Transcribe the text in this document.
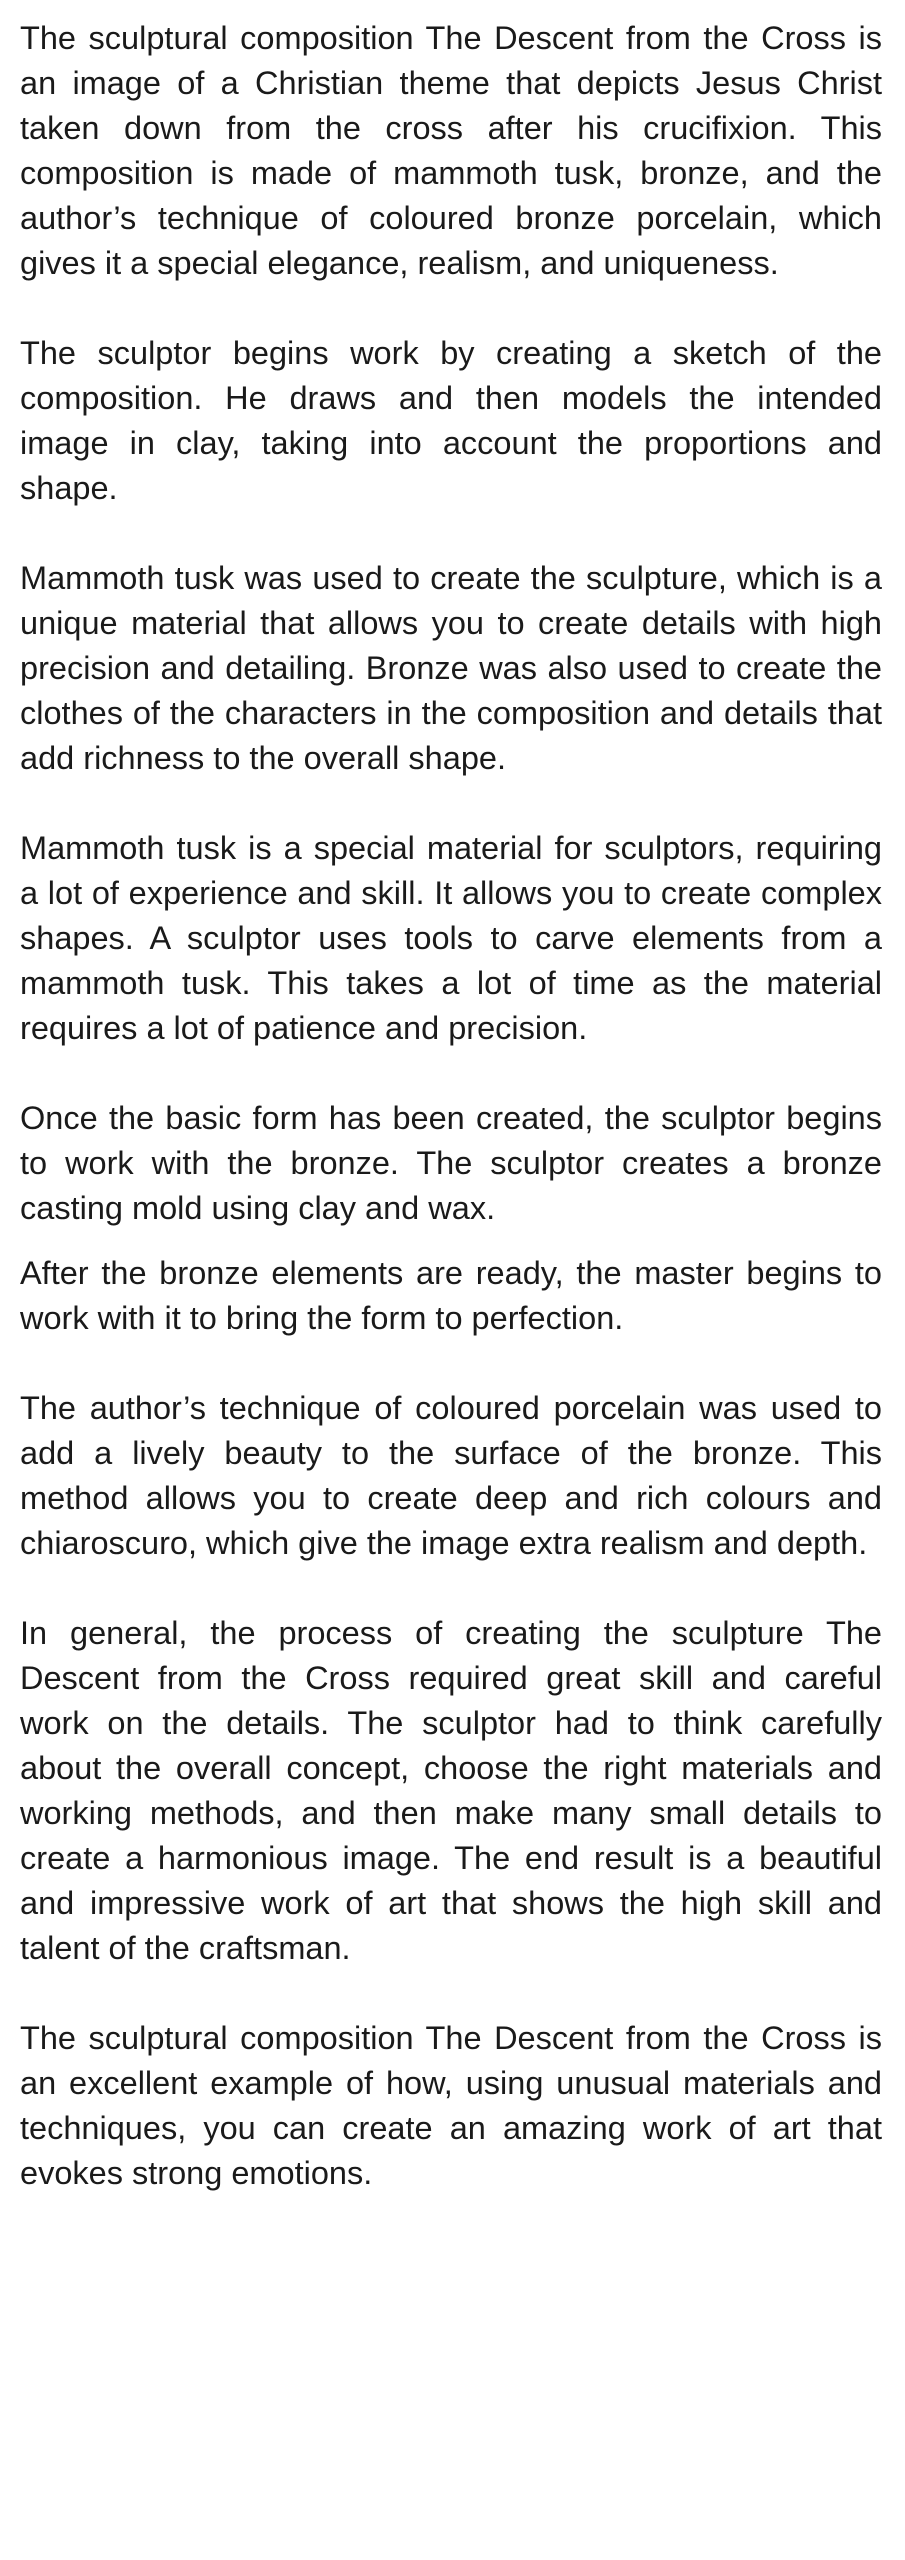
The sculptural composition The Descent from the Cross is an image of a Christian theme that depicts Jesus Christ taken down from the cross after his crucifixion. This composition is made of mammoth tusk, bronze, and the author’s technique of coloured bronze porcelain, which gives it a special elegance, realism, and uniqueness.

The sculptor begins work by creating a sketch of the composition. He draws and then models the intended image in clay, taking into account the proportions and shape.

Mammoth tusk was used to create the sculpture, which is a unique material that allows you to create details with high precision and detailing. Bronze was also used to create the clothes of the characters in the composition and details that add richness to the overall shape.

Mammoth tusk is a special material for sculptors, requiring a lot of experience and skill. It allows you to create complex shapes. A sculptor uses tools to carve elements from a mammoth tusk. This takes a lot of time as the material requires a lot of patience and precision.

Once the basic form has been created, the sculptor begins to work with the bronze. The sculptor creates a bronze casting mold using clay and wax.

After the bronze elements are ready, the master begins to work with it to bring the form to perfection.

The author’s technique of coloured porcelain was used to add a lively beauty to the surface of the bronze. This method allows you to create deep and rich colours and chiaroscuro, which give the image extra realism and depth.

In general, the process of creating the sculpture The Descent from the Cross required great skill and careful work on the details. The sculptor had to think carefully about the overall concept, choose the right materials and working methods, and then make many small details to create a harmonious image. The end result is a beautiful and impressive work of art that shows the high skill and talent of the craftsman.

The sculptural composition The Descent from the Cross is an excellent example of how, using unusual materials and techniques, you can create an amazing work of art that evokes strong emotions.
